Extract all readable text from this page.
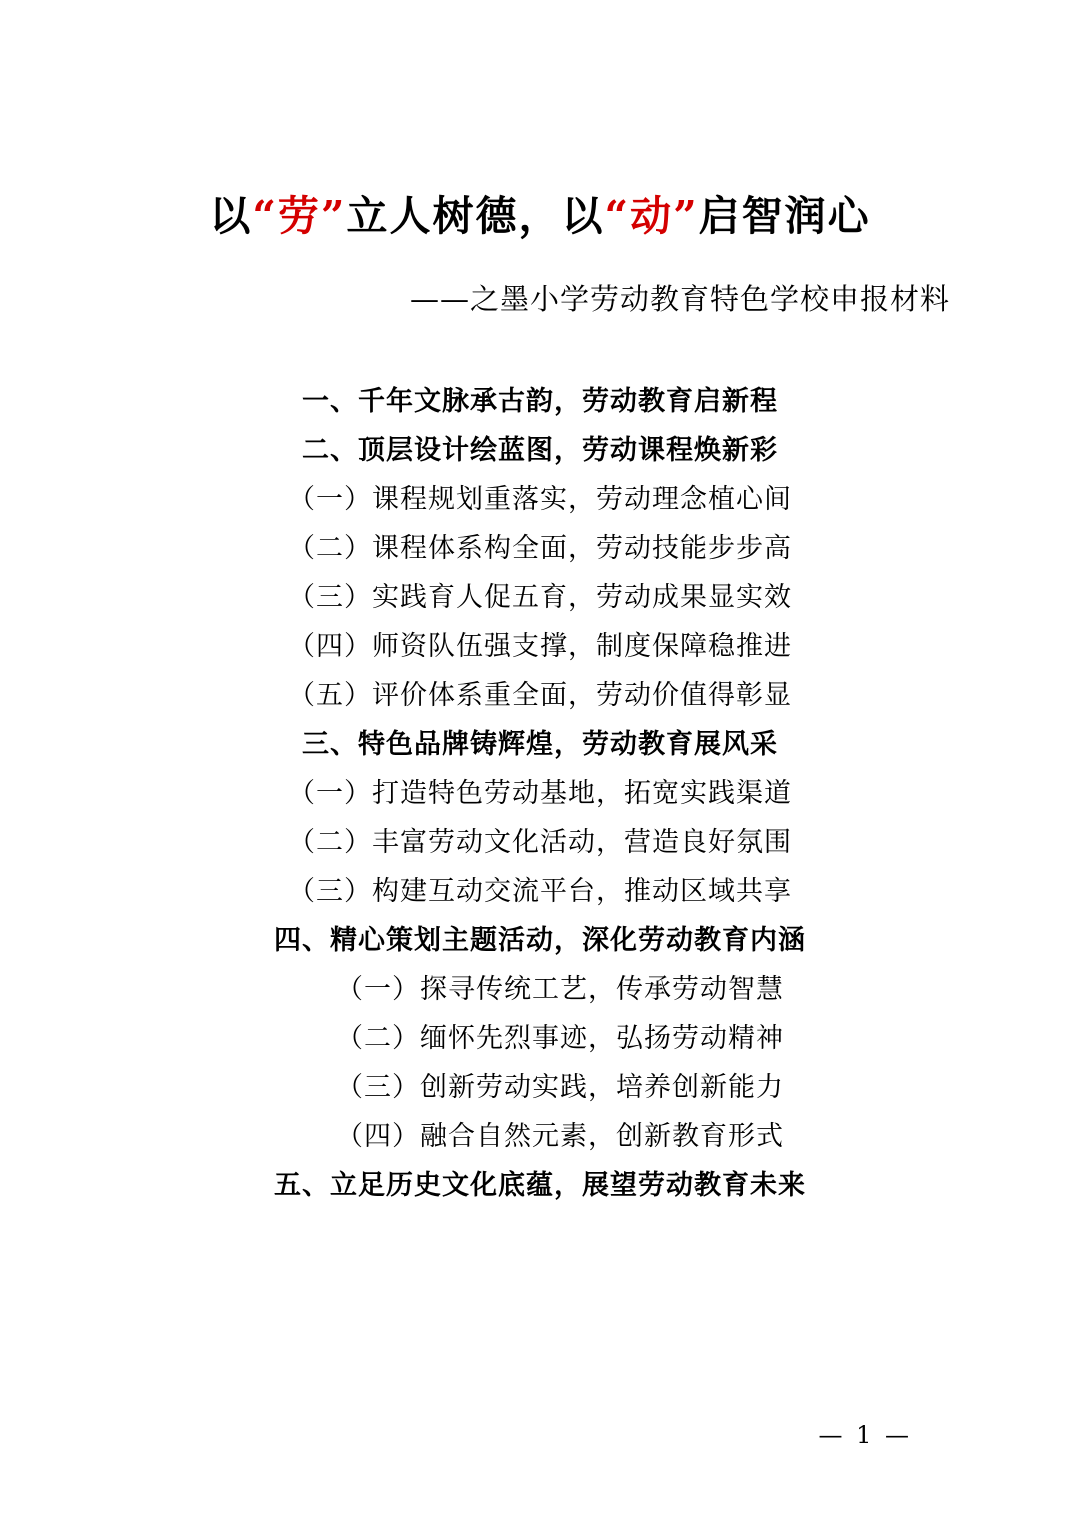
以“劳”立人树德，以“动”启智润心
——之墨小学劳动教育特色学校申报材料
一、千年文脉承古韵，劳动教育启新程
二、顶层设计绘蓝图，劳动课程焕新彩
（一）课程规划重落实，劳动理念植心间
（二）课程体系构全面，劳动技能步步高
（三）实践育人促五育，劳动成果显实效
（四）师资队伍强支撑，制度保障稳推进
（五）评价体系重全面，劳动价值得彰显
三、特色品牌铸辉煌，劳动教育展风采
（一）打造特色劳动基地，拓宽实践渠道
（二）丰富劳动文化活动，营造良好氛围
（三）构建互动交流平台，推动区域共享
四、精心策划主题活动，深化劳动教育内涵
（一）探寻传统工艺，传承劳动智慧
（二）缅怀先烈事迹，弘扬劳动精神
（三）创新劳动实践，培养创新能力
（四）融合自然元素，创新教育形式
五、立足历史文化底蕴，展望劳动教育未来
— 1 —
